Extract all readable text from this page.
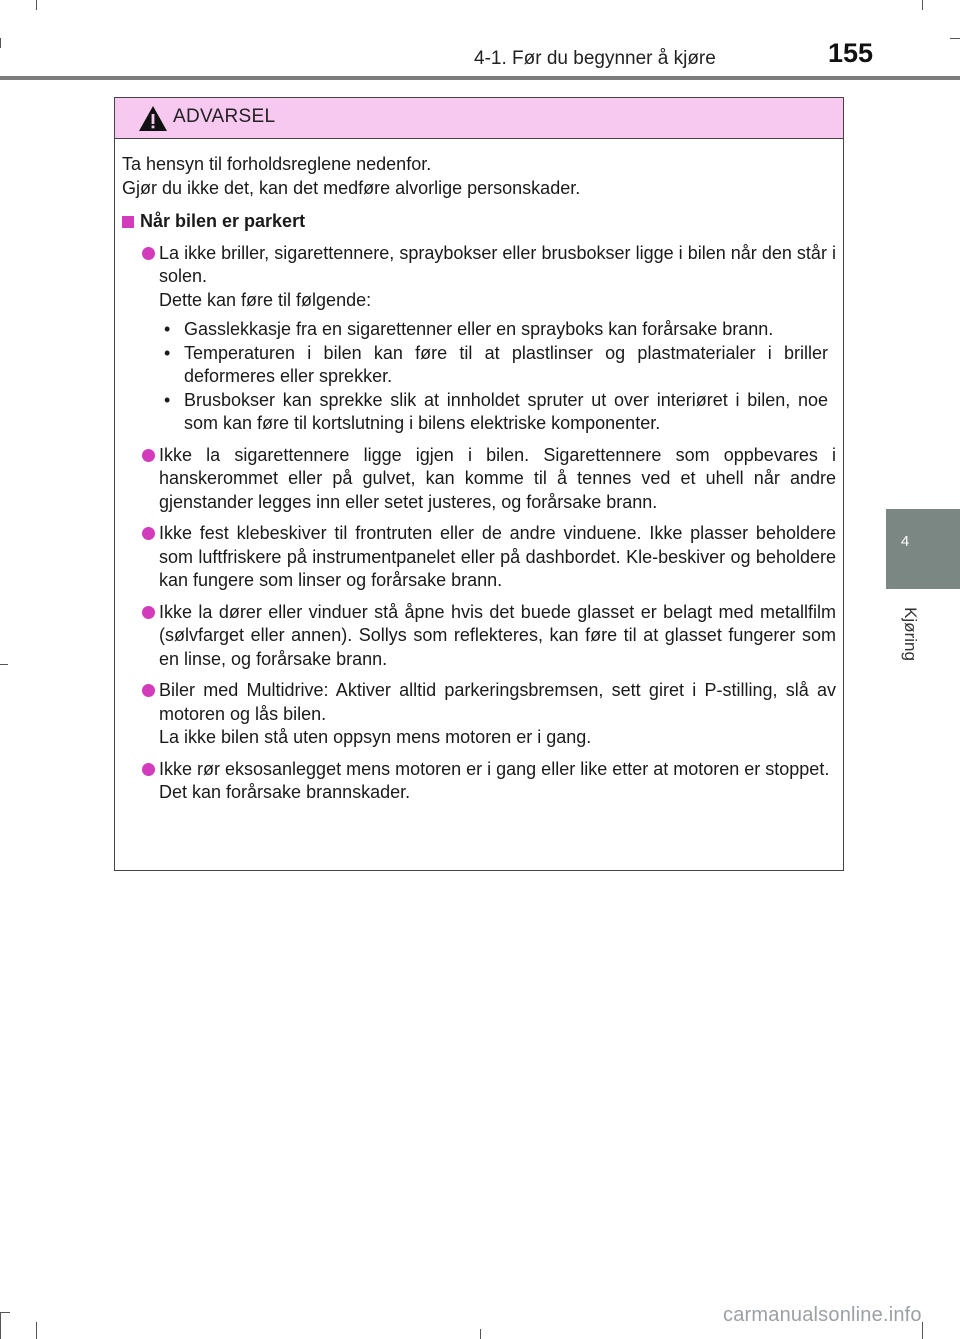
4-1. Før du begynner å kjøre	155
4
Kjøring
ADVARSEL

Ta hensyn til forholdsreglene nedenfor.

Gjør du ikke det, kan det medføre alvorlige personskader.

Når bilen er parkert

La ikke briller, sigarettennere, spraybokser eller brusbokser ligge i bilen når den står i solen.

Dette kan føre til følgende:

• Gasslekkasje fra en sigarettenner eller en sprayboks kan forårsake brann.
• Temperaturen i bilen kan føre til at plastlinser og plastmaterialer i briller deformeres eller sprekker.
• Brusbokser kan sprekke slik at innholdet spruter ut over interiøret i bilen, noe som kan føre til kortslutning i bilens elektriske komponenter.

Ikke la sigarettennere ligge igjen i bilen. Sigarettennere som oppbevares i hanskerommet eller på gulvet, kan komme til å tennes ved et uhell når andre gjenstander legges inn eller setet justeres, og forårsake brann.

Ikke fest klebeskiver til frontruten eller de andre vinduene. Ikke plasser beholdere som luftfriskere på instrumentpanelet eller på dashbordet. Kle-beskiver og beholdere kan fungere som linser og forårsake brann.

Ikke la dører eller vinduer stå åpne hvis det buede glasset er belagt med metallfilm (sølvfarget eller annen). Sollys som reflekteres, kan føre til at glasset fungerer som en linse, og forårsake brann.

Biler med Multidrive: Aktiver alltid parkeringsbremsen, sett giret i P-stilling, slå av motoren og lås bilen.

La ikke bilen stå uten oppsyn mens motoren er i gang.

Ikke rør eksosanlegget mens motoren er i gang eller like etter at motoren er stoppet.

Det kan forårsake brannskader.

carmanualsonline.info
